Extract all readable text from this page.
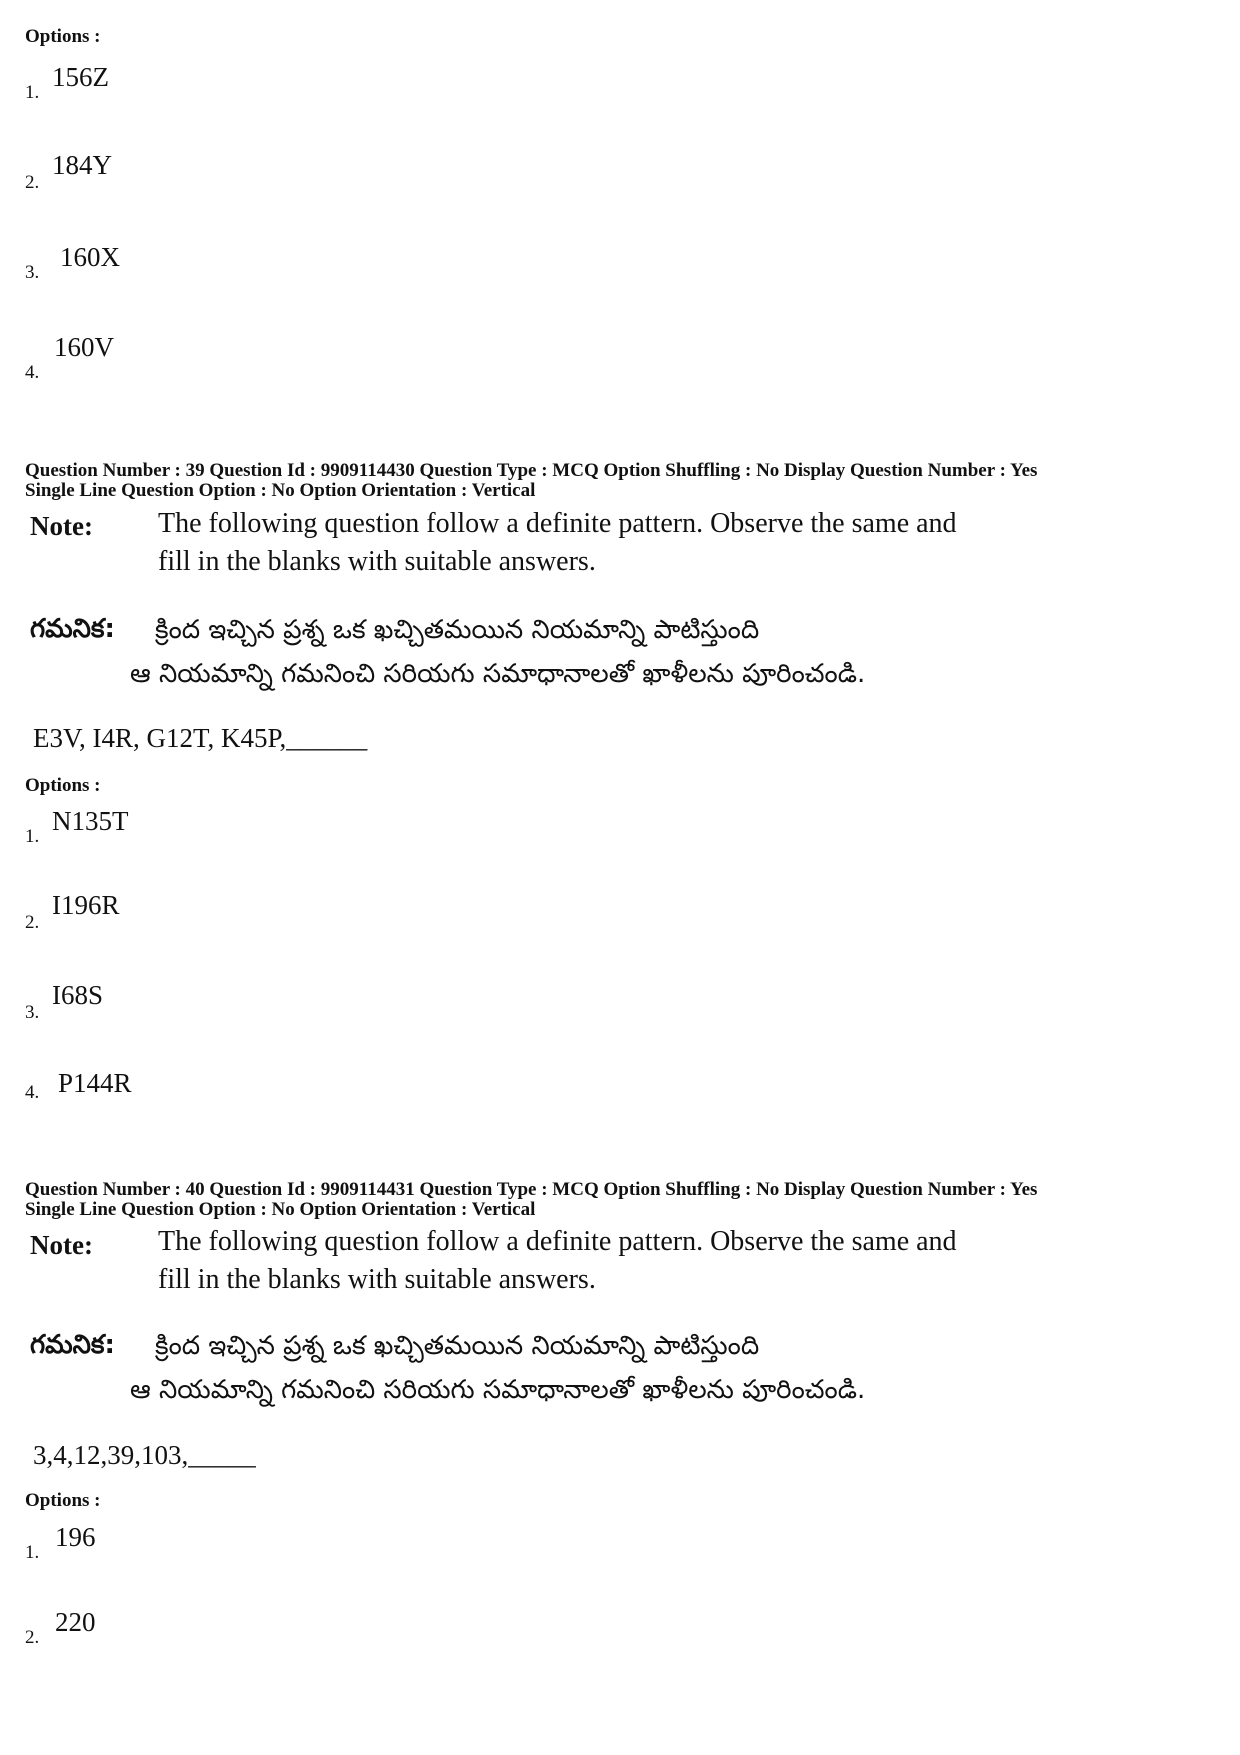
Options :
1.
156Z
2.
184Y
3.
160X
4.
160V
Question Number : 39 Question Id : 9909114430 Question Type : MCQ Option Shuffling : No Display Question Number : Yes
Single Line Question Option : No Option Orientation : Vertical
Note: The following question follow a definite pattern. Observe the same and
fill in the blanks with suitable answers.
గమనిక: క్రింద ఇచ్చిన ప్రశ్న ఒక ఖచ్చితమయిన నియమాన్ని పాటిస్తుంది
ఆ నియమాన్ని గమనించి సరియగు సమాధానాలతో ఖాళీలను పూరించండి.
E3V, I4R, G12T, K45P,______
Options :
1.
N135T
2.
I196R
3.
I68S
4. P144R
Question Number : 40 Question Id : 9909114431 Question Type : MCQ Option Shuffling : No Display Question Number : Yes
Single Line Question Option : No Option Orientation : Vertical
Note: The following question follow a definite pattern. Observe the same and
fill in the blanks with suitable answers.
గమనిక: క్రింద ఇచ్చిన ప్రశ్న ఒక ఖచ్చితమయిన నియమాన్ని పాటిస్తుంది
ఆ నియమాన్ని గమనించి సరియగు సమాధానాలతో ఖాళీలను పూరించండి.
3,4,12,39,103,_____
Options :
1.
196
2.
220
